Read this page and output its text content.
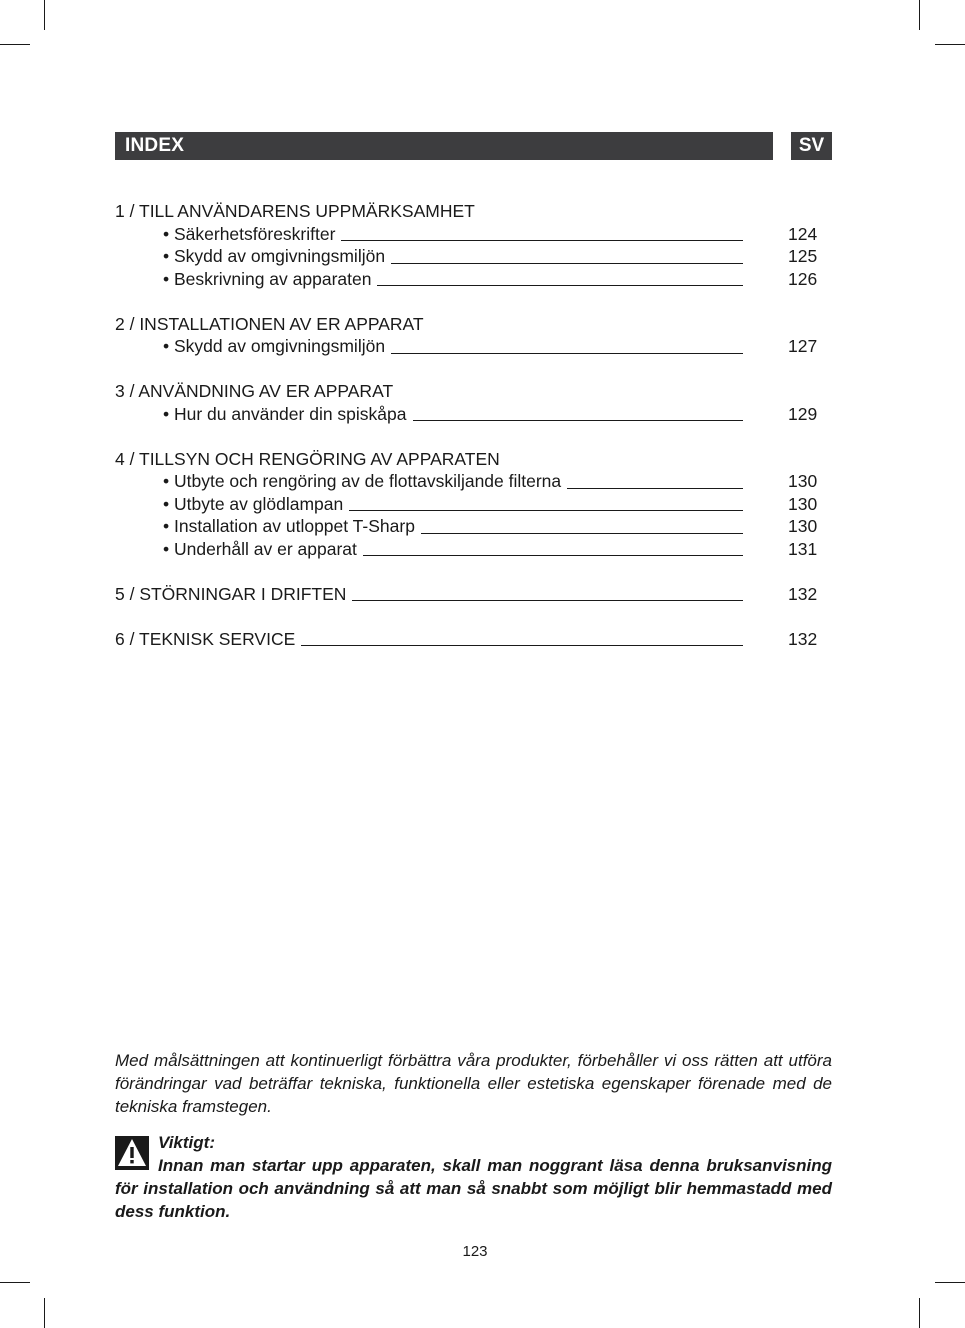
INDEX	SV
1 / TILL ANVÄNDARENS UPPMÄRKSAMHET
• Säkerhetsföreskrifter	124
• Skydd av omgivningsmiljön	125
• Beskrivning av apparaten	126
2 / INSTALLATIONEN AV ER APPARAT
• Skydd av omgivningsmiljön	127
3 / ANVÄNDNING AV ER APPARAT
• Hur du använder din spiskåpa	129
4 / TILLSYN OCH RENGÖRING AV APPARATEN
• Utbyte och rengöring av de flottavskiljande filterna	130
• Utbyte av glödlampan	130
• Installation av utloppet T-Sharp	130
• Underhåll av er apparat	131
5 / STÖRNINGAR I DRIFTEN	132
6 / TEKNISK SERVICE	132

Med målsättningen att kontinuerligt förbättra våra produkter, förbehåller vi oss rätten att utföra förändringar vad beträffar tekniska, funktionella eller estetiska egenskaper förenade med de tekniska framstegen.

Viktigt:

Innan man startar upp apparaten, skall man noggrant läsa denna bruksanvisning för installation och användning så att man så snabbt som möjligt blir hemmastadd med dess funktion.

123
